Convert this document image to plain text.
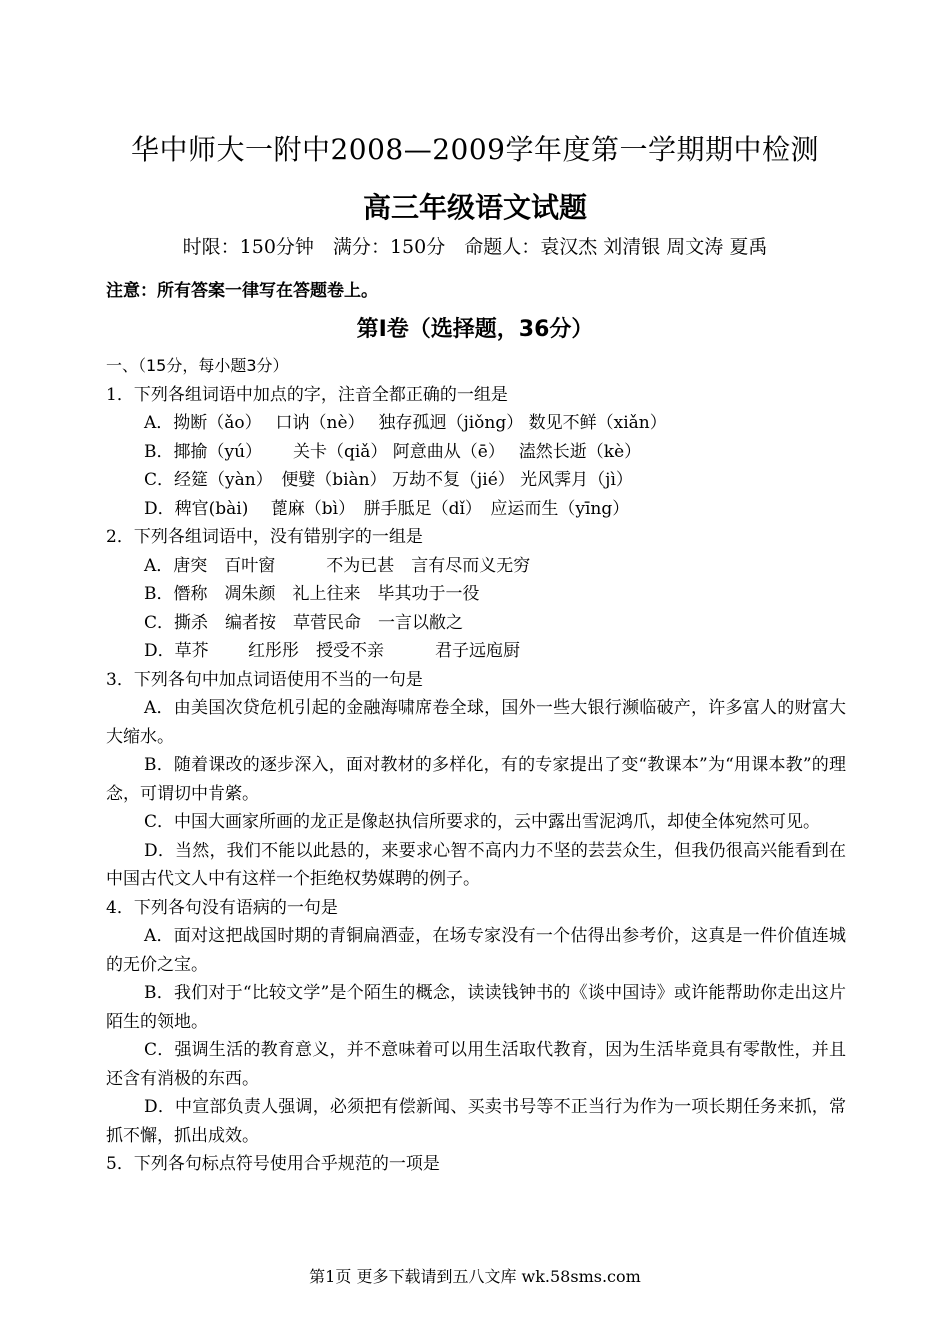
华中师大一附中2008—2009学年度第一学期期中检测
高三年级语文试题
时限：150分钟　满分：150分　命题人：袁汉杰 刘清银 周文涛 夏禹
注意：所有答案一律写在答题卷上。
第Ⅰ卷（选择题，36分）
一、（15分，每小题3分）
1．下列各组词语中加点的字，注音全都正确的一组是
A．拗断（ǎo）　 口讷（nè）　 独存孤迥（jiǒng） 数见不鲜（xiǎn）
B．揶揄（yú）　　 关卡（qiǎ） 阿意曲从（ē）　 溘然长逝（kè）
C．经筵（yàn）　便嬖（biàn） 万劫不复（jié） 光风霁月（jì）
D．稗官(bài)　 蓖麻（bì）　胼手胝足（dǐ）　应运而生（yīng）
2．下列各组词语中，没有错别字的一组是
A．唐突　百叶窗　　　不为已甚　言有尽而义无穷
B．僭称　凋朱颜　礼上往来　毕其功于一役
C．撕杀　编者按　草菅民命　一言以敝之
D．草芥　　 红彤彤　授受不亲　　　君子远庖厨
3．下列各句中加点词语使用不当的一句是
A．由美国次贷危机引起的金融海啸席卷全球，国外一些大银行濒临破产，许多富人的财富大大缩水。
B．随着课改的逐步深入，面对教材的多样化，有的专家提出了变“教课本”为“用课本教”的理念，可谓切中肯綮。
C．中国大画家所画的龙正是像赵执信所要求的，云中露出雪泥鸿爪，却使全体宛然可见。
D．当然，我们不能以此悬的，来要求心智不高内力不坚的芸芸众生，但我仍很高兴能看到在中国古代文人中有这样一个拒绝权势媒聘的例子。
4．下列各句没有语病的一句是
A．面对这把战国时期的青铜扁酒壶，在场专家没有一个估得出参考价，这真是一件价值连城的无价之宝。
B．我们对于“比较文学”是个陌生的概念，读读钱钟书的《谈中国诗》或许能帮助你走出这片陌生的领地。
C．强调生活的教育意义，并不意味着可以用生活取代教育，因为生活毕竟具有零散性，并且还含有消极的东西。
D．中宣部负责人强调，必须把有偿新闻、买卖书号等不正当行为作为一项长期任务来抓，常抓不懈，抓出成效。
5．下列各句标点符号使用合乎规范的一项是
第1页 更多下载请到五八文库 wk.58sms.com
